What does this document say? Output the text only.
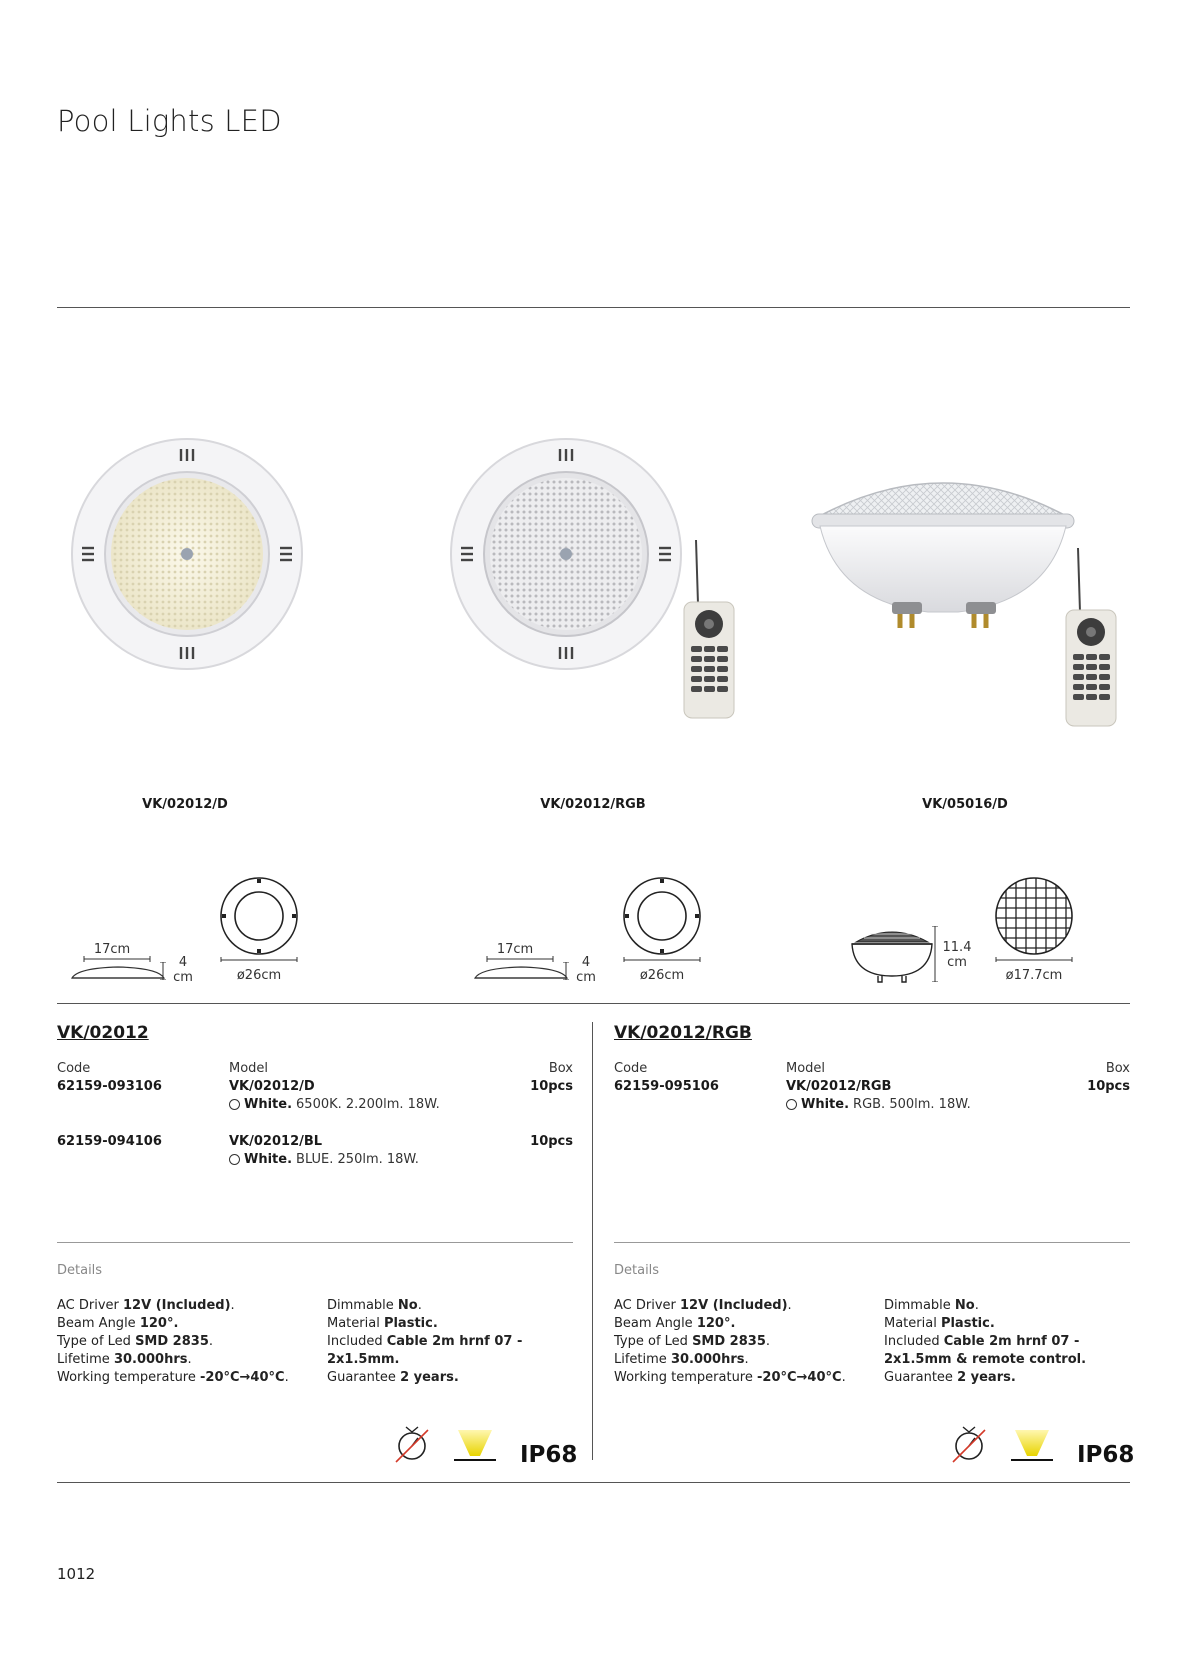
Pool Lights LED
VK/02012/D	VK/02012/RGB	VK/05016/D
17cm
4
cm	ø26cm
17cm
4
cm	ø26cm
11.4
cm
ø17.7cm
VK/02012
Code	Model	Box
62159-093106	VK/02012/D	10pcs
White. 6500K. 2.200lm. 18W.
62159-094106	VK/02012/BL	10pcs
White. BLUE. 250lm. 18W.
Details
AC Driver 12V (Included).
Beam Angle 120°.
Type of Led SMD 2835.
Lifetime 30.000hrs.
Working temperature -20°C→40°C.
Dimmable No.
Material Plastic.
Included Cable 2m hrnf 07 -
2x1.5mm.
Guarantee 2 years.
IP68
VK/02012/RGB
Code	Model	Box
62159-095106	VK/02012/RGB	10pcs
White. RGB. 500lm. 18W.
Details
AC Driver 12V (Included).
Beam Angle 120°.
Type of Led SMD 2835.
Lifetime 30.000hrs.
Working temperature -20°C→40°C.
Dimmable No.
Material Plastic.
Included Cable 2m hrnf 07 -
2x1.5mm & remote control.
Guarantee 2 years.
IP68
1012
